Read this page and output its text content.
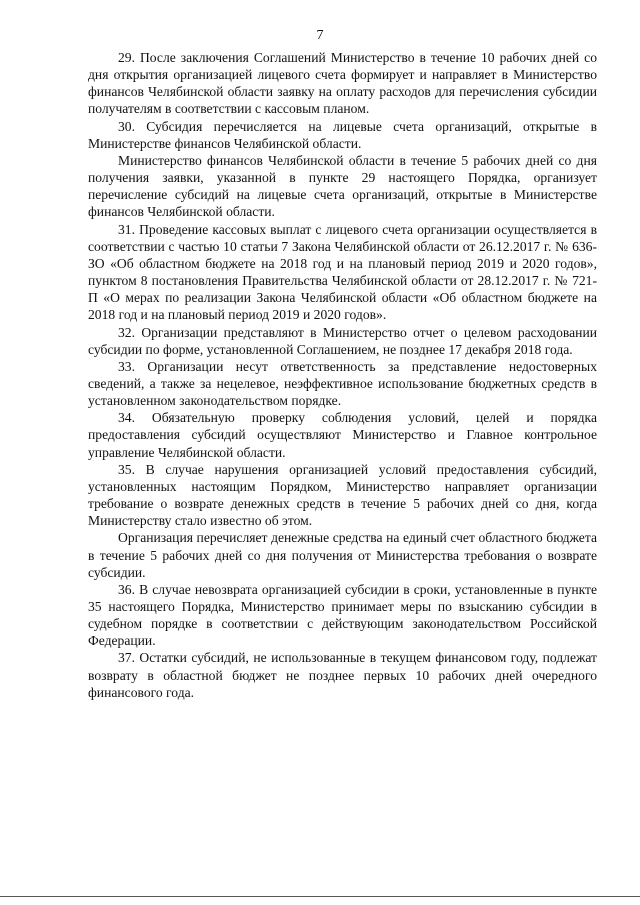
7

29. После заключения Соглашений Министерство в течение 10 рабочих дней со дня открытия организацией лицевого счета формирует и направляет в Министерство финансов Челябинской области заявку на оплату расходов для перечисления субсидии получателям в соответствии с кассовым планом.

30. Субсидия перечисляется на лицевые счета организаций, открытые в Министерстве финансов Челябинской области.

Министерство финансов Челябинской области в течение 5 рабочих дней со дня получения заявки, указанной в пункте 29 настоящего Порядка, организует перечисление субсидий на лицевые счета организаций, открытые в Министерстве финансов Челябинской области.

31. Проведение кассовых выплат с лицевого счета организации осуществляется в соответствии с частью 10 статьи 7 Закона Челябинской области от 26.12.2017 г. № 636-ЗО «Об областном бюджете на 2018 год и на плановый период 2019 и 2020 годов», пунктом 8 постановления Правительства Челябинской области от 28.12.2017 г. № 721-П «О мерах по реализации Закона Челябинской области «Об областном бюджете на 2018 год и на плановый период 2019 и 2020 годов».

32. Организации представляют в Министерство отчет о целевом расходовании субсидии по форме, установленной Соглашением, не позднее 17 декабря 2018 года.

33. Организации несут ответственность за представление недостоверных сведений, а также за нецелевое, неэффективное использование бюджетных средств в установленном законодательством порядке.

34. Обязательную проверку соблюдения условий, целей и порядка предоставления субсидий осуществляют Министерство и Главное контрольное управление Челябинской области.

35. В случае нарушения организацией условий предоставления субсидий, установленных настоящим Порядком, Министерство направляет организации требование о возврате денежных средств в течение 5 рабочих дней со дня, когда Министерству стало известно об этом.

Организация перечисляет денежные средства на единый счет областного бюджета в течение 5 рабочих дней со дня получения от Министерства требования о возврате субсидии.

36. В случае невозврата организацией субсидии в сроки, установленные в пункте 35 настоящего Порядка, Министерство принимает меры по взысканию субсидии в судебном порядке в соответствии с действующим законодательством Российской Федерации.

37. Остатки субсидий, не использованные в текущем финансовом году, подлежат возврату в областной бюджет не позднее первых 10 рабочих дней очередного финансового года.
